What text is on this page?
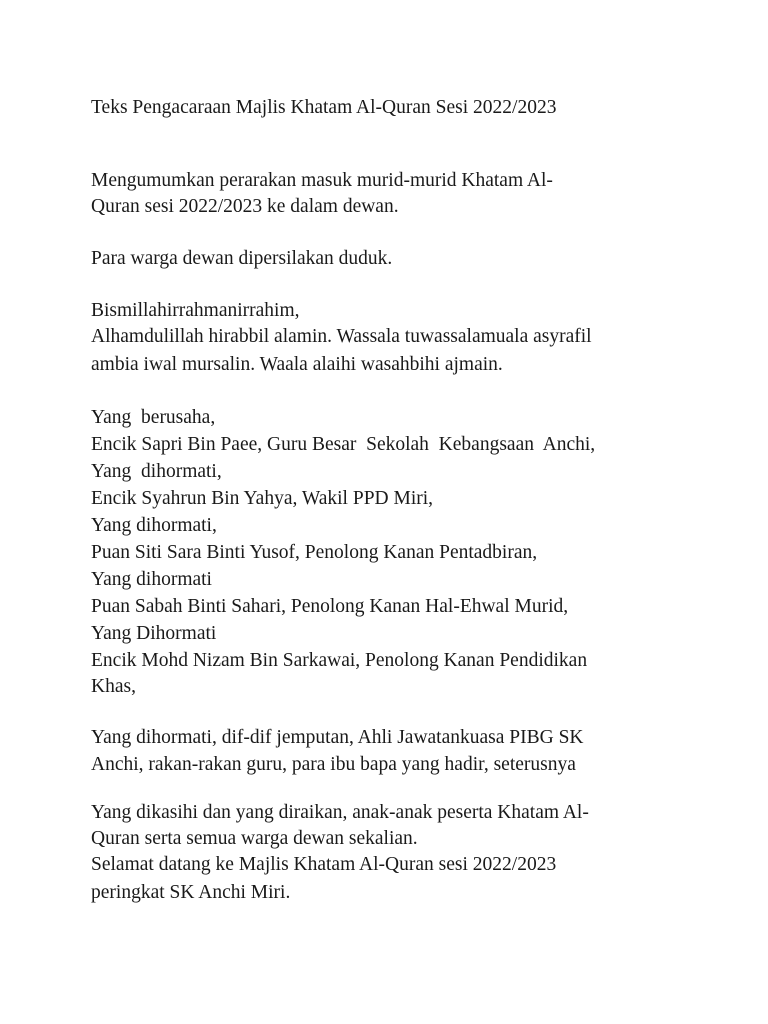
Teks Pengacaraan Majlis Khatam Al-Quran Sesi 2022/2023

Mengumumkan perarakan masuk murid-murid Khatam Al-

Quran sesi 2022/2023 ke dalam dewan.

Para warga dewan dipersilakan duduk.

Bismillahirrahmanirrahim,

Alhamdulillah hirabbil alamin. Wassala tuwassalamuala asyrafil

ambia iwal mursalin. Waala alaihi wasahbihi ajmain.

Yang  berusaha,

Encik Sapri Bin Paee, Guru Besar  Sekolah  Kebangsaan  Anchi,

Yang  dihormati,

Encik Syahrun Bin Yahya, Wakil PPD Miri,

Yang dihormati,

Puan Siti Sara Binti Yusof, Penolong Kanan Pentadbiran,

Yang dihormati

Puan Sabah Binti Sahari, Penolong Kanan Hal-Ehwal Murid,

Yang Dihormati

Encik Mohd Nizam Bin Sarkawai, Penolong Kanan Pendidikan

Khas,

Yang dihormati, dif-dif jemputan, Ahli Jawatankuasa PIBG SK

Anchi, rakan-rakan guru, para ibu bapa yang hadir, seterusnya

Yang dikasihi dan yang diraikan, anak-anak peserta Khatam Al-

Quran serta semua warga dewan sekalian.

Selamat datang ke Majlis Khatam Al-Quran sesi 2022/2023

peringkat SK Anchi Miri.
